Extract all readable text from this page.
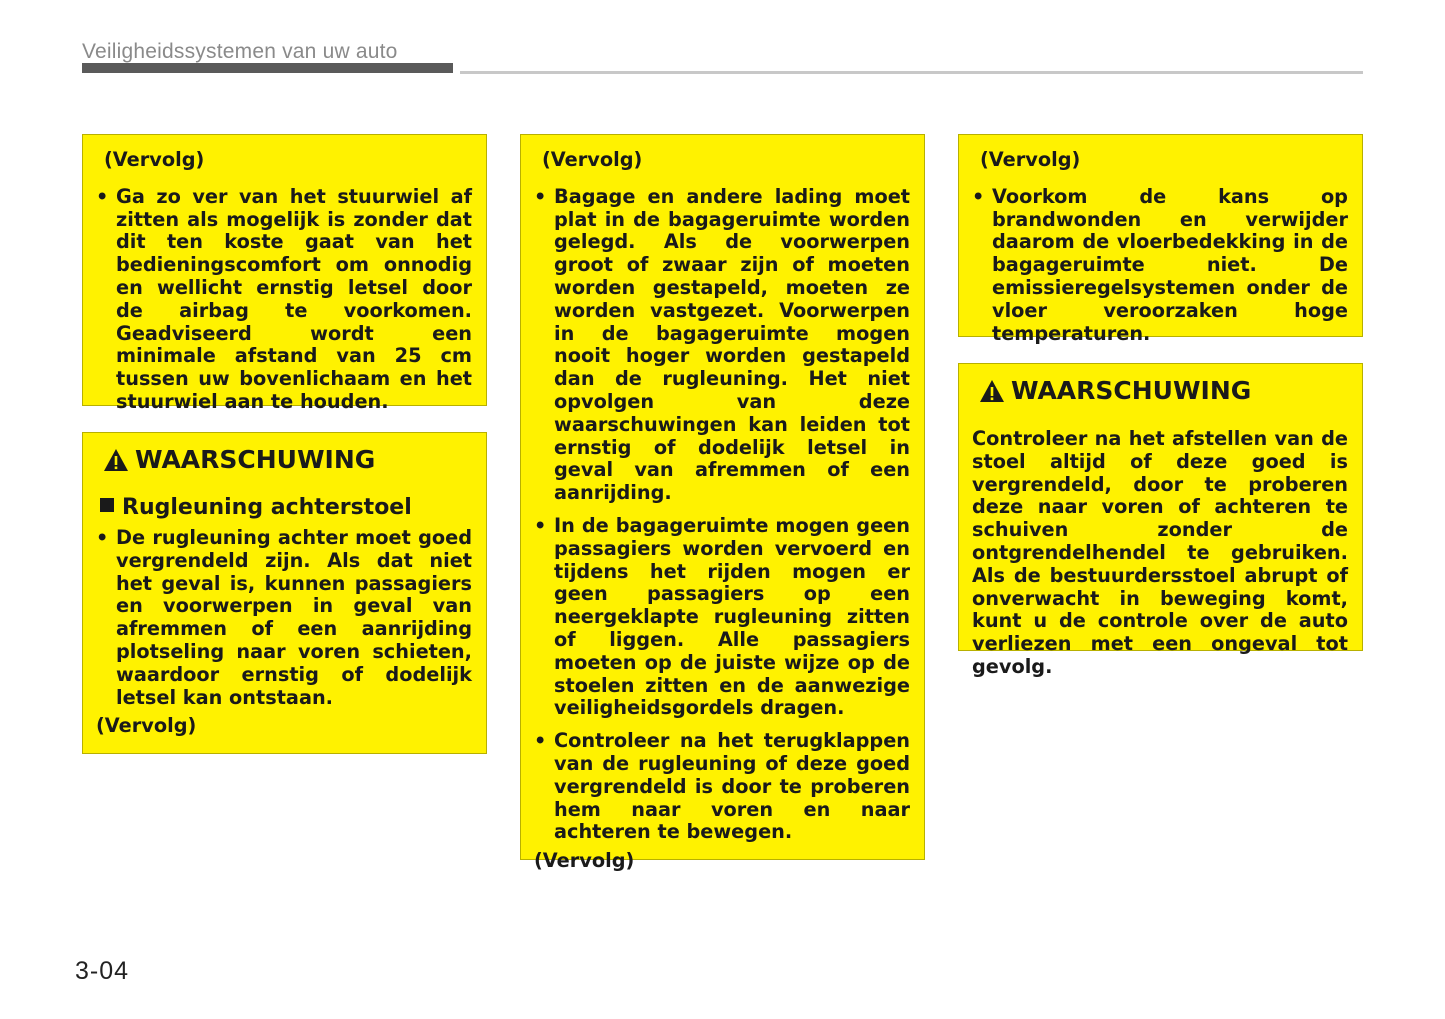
Veiligheidssystemen van uw auto
(Vervolg)
• Ga zo ver van het stuurwiel af zitten als mogelijk is zonder dat dit ten koste gaat van het bedieningscomfort om onnodig en wellicht ernstig letsel door de airbag te voorkomen. Geadviseerd wordt een minimale afstand van 25 cm tussen uw bovenlichaam en het stuurwiel aan te houden.
WAARSCHUWING
Rugleuning achterstoel
• De rugleuning achter moet goed vergrendeld zijn. Als dat niet het geval is, kunnen passagiers en voorwerpen in geval van afremmen of een aanrijding plotseling naar voren schieten, waardoor ernstig of dodelijk letsel kan ontstaan.
(Vervolg)
(Vervolg)
• Bagage en andere lading moet plat in de bagageruimte worden gelegd. Als de voorwerpen groot of zwaar zijn of moeten worden gestapeld, moeten ze worden vastgezet. Voorwerpen in de bagageruimte mogen nooit hoger worden gestapeld dan de rugleuning. Het niet opvolgen van deze waarschuwingen kan leiden tot ernstig of dodelijk letsel in geval van afremmen of een aanrijding.
• In de bagageruimte mogen geen passagiers worden vervoerd en tijdens het rijden mogen er geen passagiers op een neergeklapte rugleuning zitten of liggen. Alle passagiers moeten op de juiste wijze op de stoelen zitten en de aanwezige veiligheidsgordels dragen.
• Controleer na het terugklappen van de rugleuning of deze goed vergrendeld is door te proberen hem naar voren en naar achteren te bewegen.
(Vervolg)
(Vervolg)
• Voorkom de kans op brandwonden en verwijder daarom de vloerbedekking in de bagageruimte niet. De emissieregelsystemen onder de vloer veroorzaken hoge temperaturen.
WAARSCHUWING
Controleer na het afstellen van de stoel altijd of deze goed is vergrendeld, door te proberen deze naar voren of achteren te schuiven zonder de ontgrendelhendel te gebruiken. Als de bestuurdersstoel abrupt of onverwacht in beweging komt, kunt u de controle over de auto verliezen met een ongeval tot gevolg.
3-04
